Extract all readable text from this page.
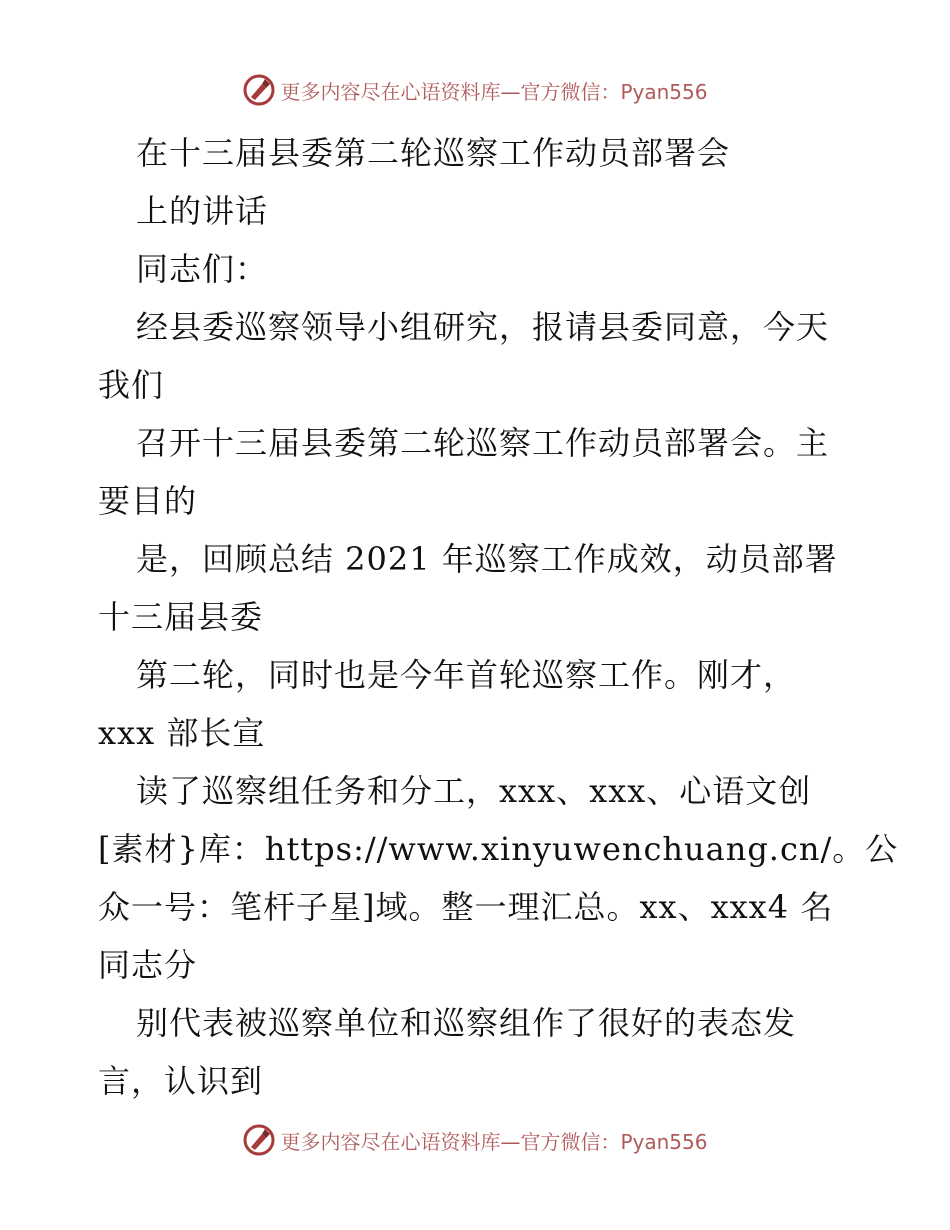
更多内容尽在心语资料库—官方微信：Pyan556
在十三届县委第二轮巡察工作动员部署会
上的讲话
同志们：
经县委巡察领导小组研究，报请县委同意，今天
我们
召开十三届县委第二轮巡察工作动员部署会。主
要目的
是，回顾总结 2021 年巡察工作成效，动员部署
十三届县委
第二轮，同时也是今年首轮巡察工作。刚才，
xxx 部长宣
读了巡察组任务和分工，xxx、xxx、心语文创
[素材}库：https://www.xinyuwenchuang.cn/。公
众一号：笔杆子星]域。整一理汇总。xx、xxx4 名
同志分
别代表被巡察单位和巡察组作了很好的表态发
言，认识到
更多内容尽在心语资料库—官方微信：Pyan556
